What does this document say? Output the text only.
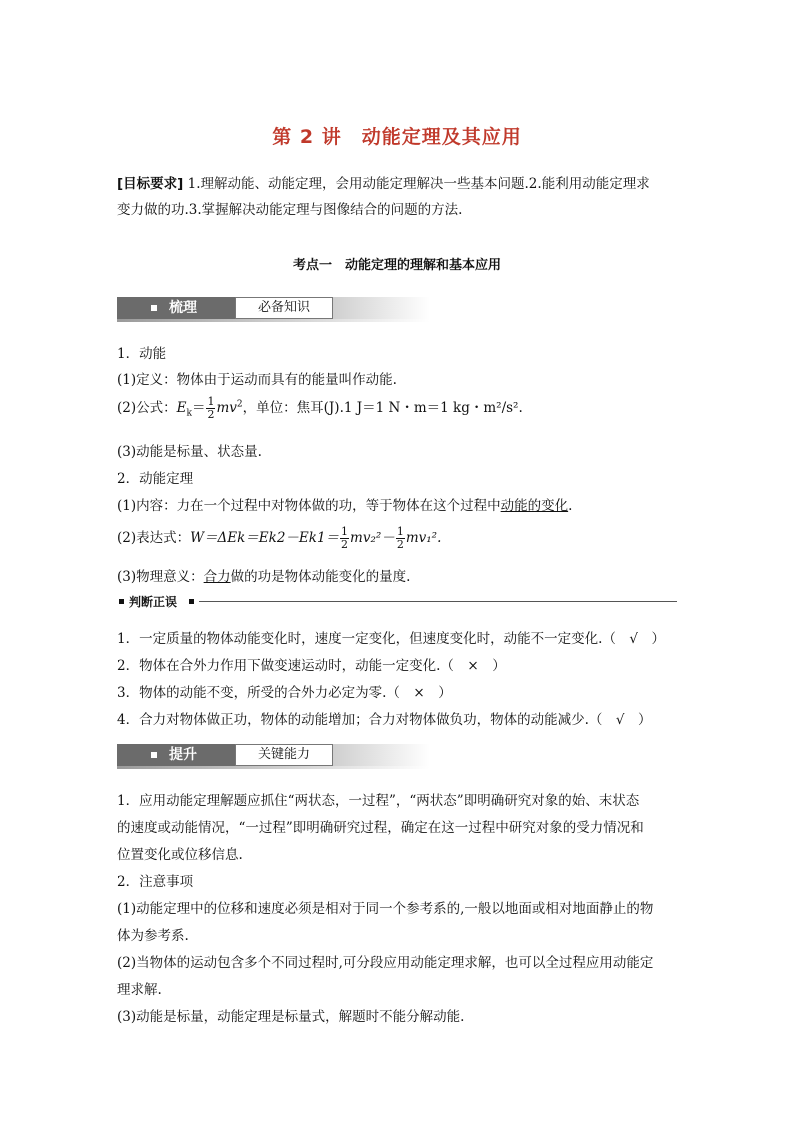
第 2 讲　动能定理及其应用
[目标要求] 1.理解动能、动能定理，会用动能定理解决一些基本问题.2.能利用动能定理求
变力做的功.3.掌握解决动能定理与图像结合的问题的方法.
考点一　动能定理的理解和基本应用
梳理	必备知识
1．动能
(1)定义：物体由于运动而具有的能量叫作动能.
(2)公式：$E_k= \frac{1}{2} mv^2$，单位：焦耳(J).1 J＝1 N・m＝1 kg・m²/s².
(3)动能是标量、状态量.
2．动能定理
(1)内容：力在一个过程中对物体做的功，等于物体在这个过程中动能的变化.
(2)表达式：$W=\Delta Ek=Ek2-Ek1= \frac{1}{2} mv_2^2- \frac{1}{2} mv_1^2$.
(3)物理意义：合力做的功是物体动能变化的量度.
判断正误
1．一定质量的物体动能变化时，速度一定变化，但速度变化时，动能不一定变化.（　√　）
2．物体在合外力作用下做变速运动时，动能一定变化.（　×　）
3．物体的动能不变，所受的合外力必定为零.（　×　）
4．合力对物体做正功，物体的动能增加；合力对物体做负功，物体的动能减少.（　√　）
提升	关键能力
1．应用动能定理解题应抓住“两状态，一过程”，“两状态”即明确研究对象的始、末状态
的速度或动能情况，“一过程”即明确研究过程，确定在这一过程中研究对象的受力情况和
位置变化或位移信息.
2．注意事项
(1)动能定理中的位移和速度必须是相对于同一个参考系的,一般以地面或相对地面静止的物
体为参考系.
(2)当物体的运动包含多个不同过程时,可分段应用动能定理求解，也可以全过程应用动能定
理求解.
(3)动能是标量，动能定理是标量式，解题时不能分解动能.
